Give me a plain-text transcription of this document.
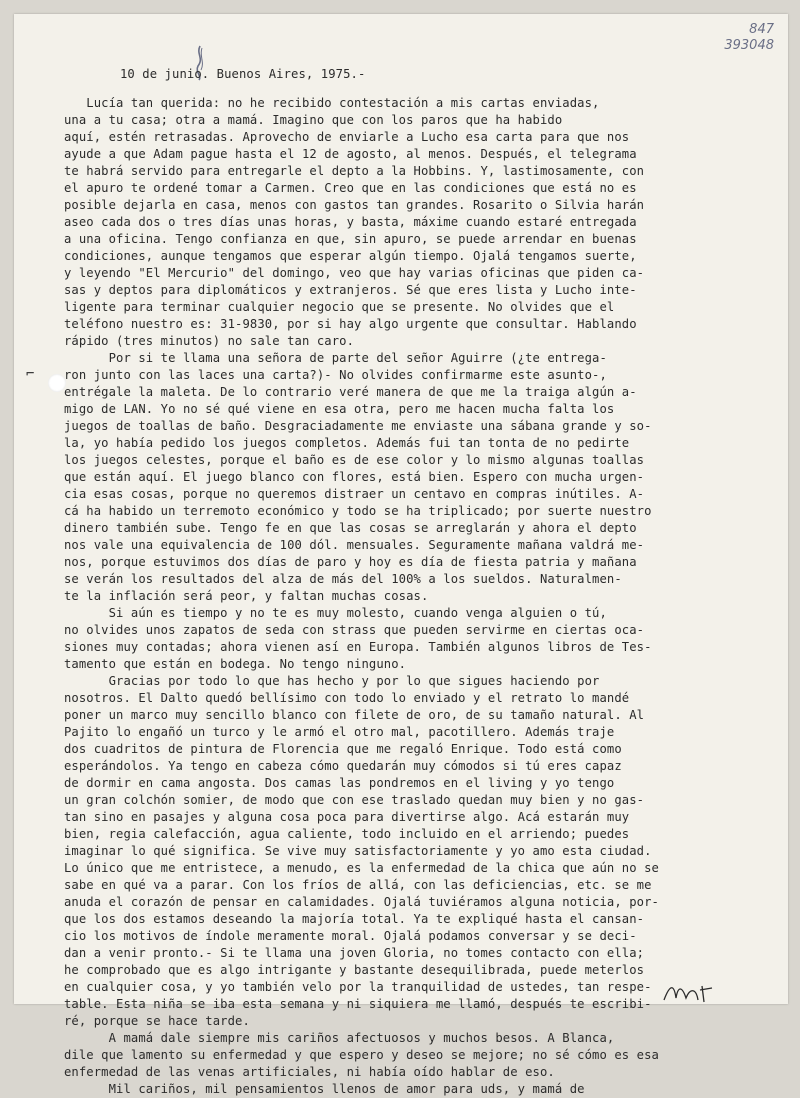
847
393048
⌐

10 de junio. Buenos Aires, 1975.-

Lucía tan querida: no he recibido contestación a mis cartas enviadas,

una a tu casa; otra a mamá. Imagino que con los paros que ha habido

aquí, estén retrasadas. Aprovecho de enviarle a Lucho esa carta para que nos

ayude a que Adam pague hasta el 12 de agosto, al menos. Después, el telegrama

te habrá servido para entregarle el depto a la Hobbins. Y, lastimosamente, con

el apuro te ordené tomar a Carmen. Creo que en las condiciones que está no es

posible dejarla en casa, menos con gastos tan grandes. Rosarito o Silvia harán

aseo cada dos o tres días unas horas, y basta, máxime cuando estaré entregada

a una oficina. Tengo confianza en que, sin apuro, se puede arrendar en buenas

condiciones, aunque tengamos que esperar algún tiempo. Ojalá tengamos suerte,

y leyendo "El Mercurio" del domingo, veo que hay varias oficinas que piden ca-

sas y deptos para diplomáticos y extranjeros. Sé que eres lista y Lucho inte-

ligente para terminar cualquier negocio que se presente. No olvides que el

teléfono nuestro es: 31-9830, por si hay algo urgente que consultar. Hablando

rápido (tres minutos) no sale tan caro.

Por si te llama una señora de parte del señor Aguirre (¿te entrega-

ron junto con las laces una carta?)- No olvides confirmarme este asunto-,

entrégale la maleta. De lo contrario veré manera de que me la traiga algún a-

migo de LAN. Yo no sé qué viene en esa otra, pero me hacen mucha falta los

juegos de toallas de baño. Desgraciadamente me enviaste una sábana grande y so-

la, yo había pedido los juegos completos. Además fui tan tonta de no pedirte

los juegos celestes, porque el baño es de ese color y lo mismo algunas toallas

que están aquí. El juego blanco con flores, está bien. Espero con mucha urgen-

cia esas cosas, porque no queremos distraer un centavo en compras inútiles. A-

cá ha habido un terremoto económico y todo se ha triplicado; por suerte nuestro

dinero también sube. Tengo fe en que las cosas se arreglarán y ahora el depto

nos vale una equivalencia de 100 dól. mensuales. Seguramente mañana valdrá me-

nos, porque estuvimos dos días de paro y hoy es día de fiesta patria y mañana

se verán los resultados del alza de más del 100% a los sueldos. Naturalmen-

te la inflación será peor, y faltan muchas cosas.

Si aún es tiempo y no te es muy molesto, cuando venga alguien o tú,

no olvides unos zapatos de seda con strass que pueden servirme en ciertas oca-

siones muy contadas; ahora vienen así en Europa. También algunos libros de Tes-

tamento que están en bodega. No tengo ninguno.

Gracias por todo lo que has hecho y por lo que sigues haciendo por

nosotros. El Dalto quedó bellísimo con todo lo enviado y el retrato lo mandé

poner un marco muy sencillo blanco con filete de oro, de su tamaño natural. Al

Pajito lo engañó un turco y le armó el otro mal, pacotillero. Además traje

dos cuadritos de pintura de Florencia que me regaló Enrique. Todo está como

esperándolos. Ya tengo en cabeza cómo quedarán muy cómodos si tú eres capaz

de dormir en cama angosta. Dos camas las pondremos en el living y yo tengo

un gran colchón somier, de modo que con ese traslado quedan muy bien y no gas-

tan sino en pasajes y alguna cosa poca para divertirse algo. Acá estarán muy

bien, regia calefacción, agua caliente, todo incluido en el arriendo; puedes

imaginar lo qué significa. Se vive muy satisfactoriamente y yo amo esta ciudad.

Lo único que me entristece, a menudo, es la enfermedad de la chica que aún no se

sabe en qué va a parar. Con los fríos de allá, con las deficiencias, etc. se me

anuda el corazón de pensar en calamidades. Ojalá tuviéramos alguna noticia, por-

que los dos estamos deseando la majoría total. Ya te expliqué hasta el cansan-

cio los motivos de índole meramente moral. Ojalá podamos conversar y se deci-

dan a venir pronto.- Si te llama una joven Gloria, no tomes contacto con ella;

he comprobado que es algo intrigante y bastante desequilibrada, puede meterlos

en cualquier cosa, y yo también velo por la tranquilidad de ustedes, tan respe-

table. Esta niña se iba esta semana y ni siquiera me llamó, después te escribi-

ré, porque se hace tarde.

A mamá dale siempre mis cariños afectuosos y muchos besos. A Blanca,

dile que lamento su enfermedad y que espero y deseo se mejore; no sé cómo es esa

enfermedad de las venas artificiales, ni había oído hablar de eso.

Mil cariños, mil pensamientos llenos de amor para uds, y mamá de
